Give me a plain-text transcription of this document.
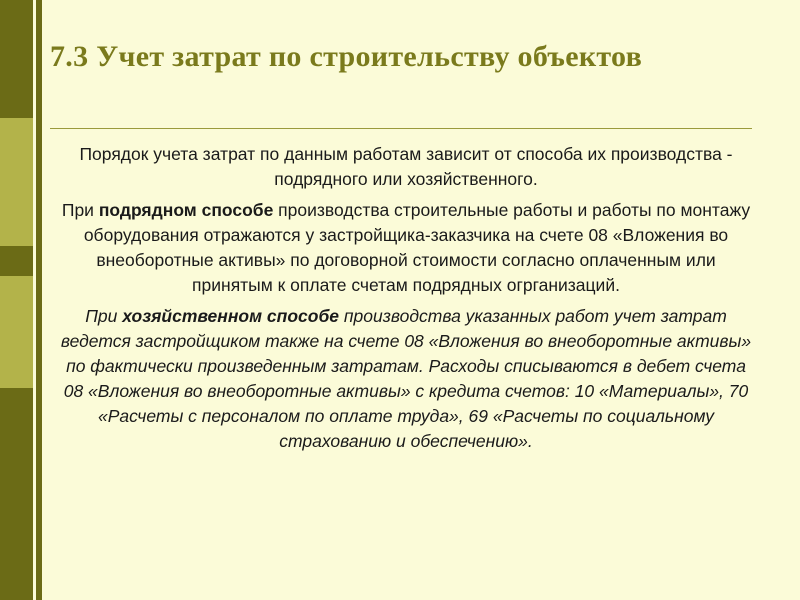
7.3 Учет затрат по строительству объектов

Порядок учета затрат по данным работам зависит от способа их производства - подрядного или хозяйственного.

При подрядном способе производства строительные работы и работы по монтажу оборудования отражаются у застройщика-заказчика на счете 08 «Вложения во внеоборотные активы» по договорной стоимости согласно оплаченным или принятым к оплате счетам подрядных огрганизаций.

При хозяйственном способе производства указанных работ учет затрат ведется застройщиком также на счете 08 «Вложения во внеоборотные активы» по фактически произведенным затратам. Расходы списываются в дебет счета 08 «Вложения во внеоборотные активы» с кредита счетов: 10 «Материалы», 70 «Расчеты с персоналом по оплате труда», 69 «Расчеты по социальному страхованию и обеспечению».
